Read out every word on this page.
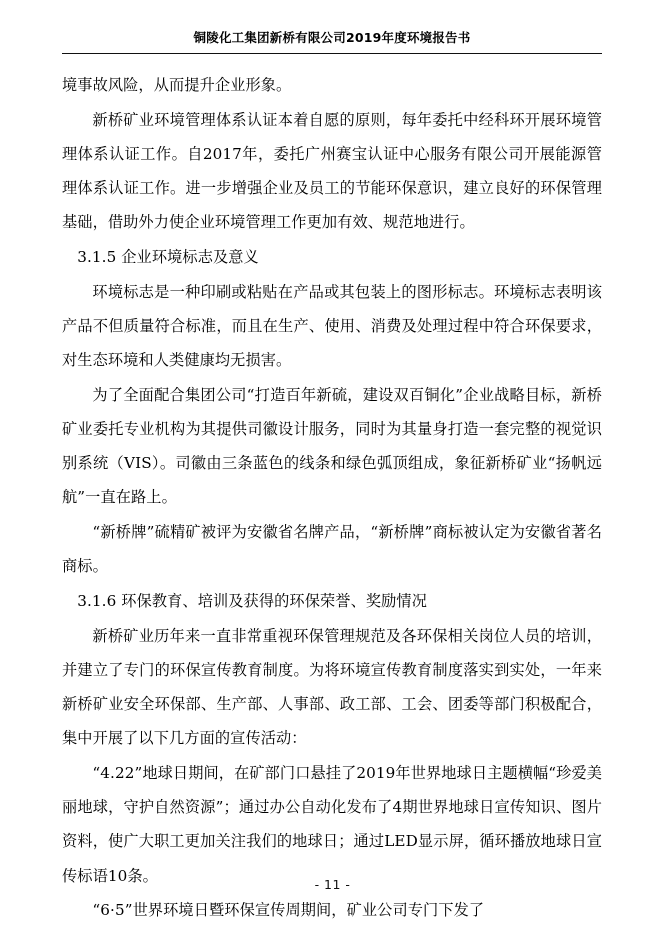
铜陵化工集团新桥有限公司2019年度环境报告书

境事故风险，从而提升企业形象。

新桥矿业环境管理体系认证本着自愿的原则，每年委托中经科环开展环境管理体系认证工作。自2017年，委托广州赛宝认证中心服务有限公司开展能源管理体系认证工作。进一步增强企业及员工的节能环保意识，建立良好的环保管理基础，借助外力使企业环境管理工作更加有效、规范地进行。

3.1.5 企业环境标志及意义

环境标志是一种印刷或粘贴在产品或其包装上的图形标志。环境标志表明该产品不但质量符合标准，而且在生产、使用、消费及处理过程中符合环保要求，对生态环境和人类健康均无损害。

为了全面配合集团公司“打造百年新硫，建设双百铜化”企业战略目标，新桥矿业委托专业机构为其提供司徽设计服务，同时为其量身打造一套完整的视觉识别系统（VIS）。司徽由三条蓝色的线条和绿色弧顶组成，象征新桥矿业“扬帆远航”一直在路上。

“新桥牌”硫精矿被评为安徽省名牌产品，“新桥牌”商标被认定为安徽省著名商标。

3.1.6 环保教育、培训及获得的环保荣誉、奖励情况

新桥矿业历年来一直非常重视环保管理规范及各环保相关岗位人员的培训，并建立了专门的环保宣传教育制度。为将环境宣传教育制度落实到实处，一年来新桥矿业安全环保部、生产部、人事部、政工部、工会、团委等部门积极配合，集中开展了以下几方面的宣传活动：

“4.22”地球日期间，在矿部门口悬挂了2019年世界地球日主题横幅“珍爱美丽地球，守护自然资源”；通过办公自动化发布了4期世界地球日宣传知识、图片资料，使广大职工更加关注我们的地球日；通过LED显示屏，循环播放地球日宣传标语10条。

“6·5”世界环境日暨环保宣传周期间，矿业公司专门下发了

- 11 -
